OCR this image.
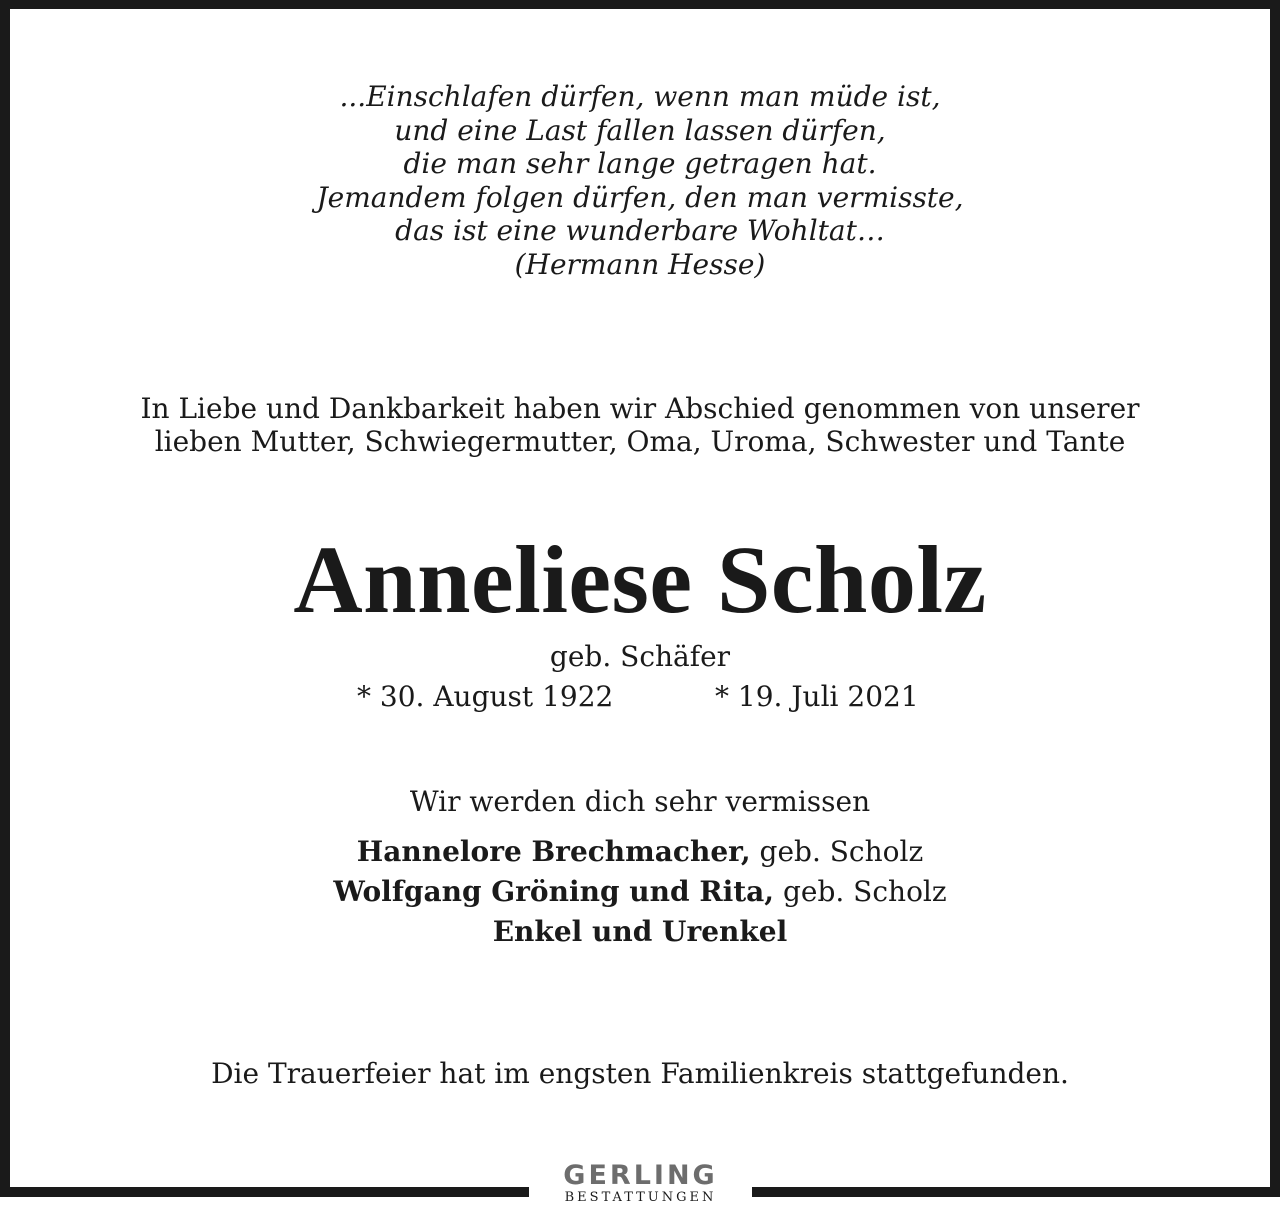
...Einschlafen dürfen, wenn man müde ist,
und eine Last fallen lassen dürfen,
die man sehr lange getragen hat.
Jemandem folgen dürfen, den man vermisste,
das ist eine wunderbare Wohltat…
(Hermann Hesse)
In Liebe und Dankbarkeit haben wir Abschied genommen von unserer
lieben Mutter, Schwiegermutter, Oma, Uroma, Schwester und Tante
Anneliese Scholz
geb. Schäfer
* 30. August 1922	* 19. Juli 2021
Wir werden dich sehr vermissen
Hannelore Brechmacher, geb. Scholz
Wolfgang Gröning und Rita, geb. Scholz
Enkel und Urenkel
Die Trauerfeier hat im engsten Familienkreis stattgefunden.
GERLING
BESTATTUNGEN
